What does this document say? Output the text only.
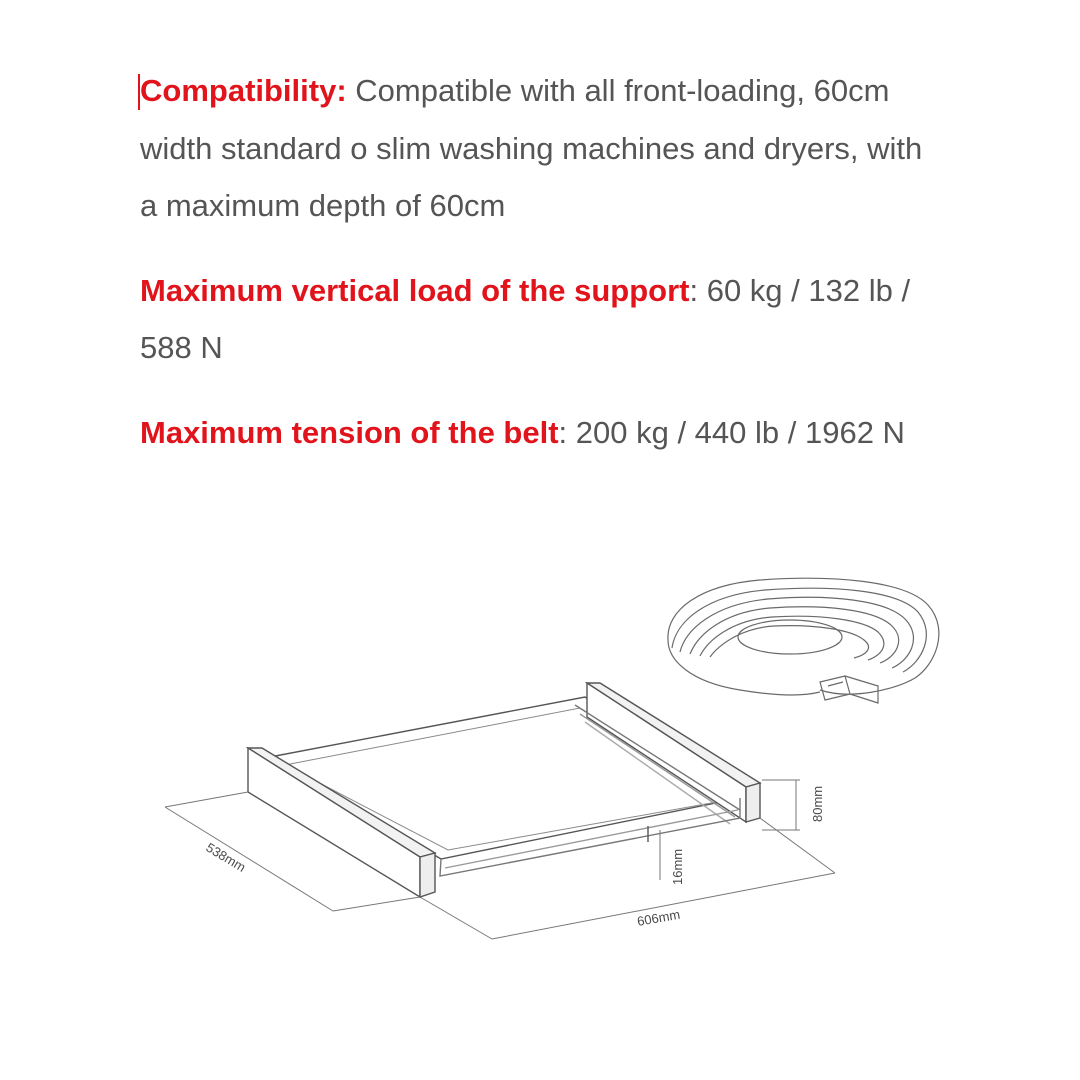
Compatibility: Compatible with all front-loading, 60cm width standard o slim washing machines and dryers, with a maximum depth of 60cm

Maximum vertical load of the support: 60 kg / 132 lb / 588 N

Maximum tension of the belt: 200 kg / 440 lb / 1962 N

538mm
606mm
16mm
80mm
